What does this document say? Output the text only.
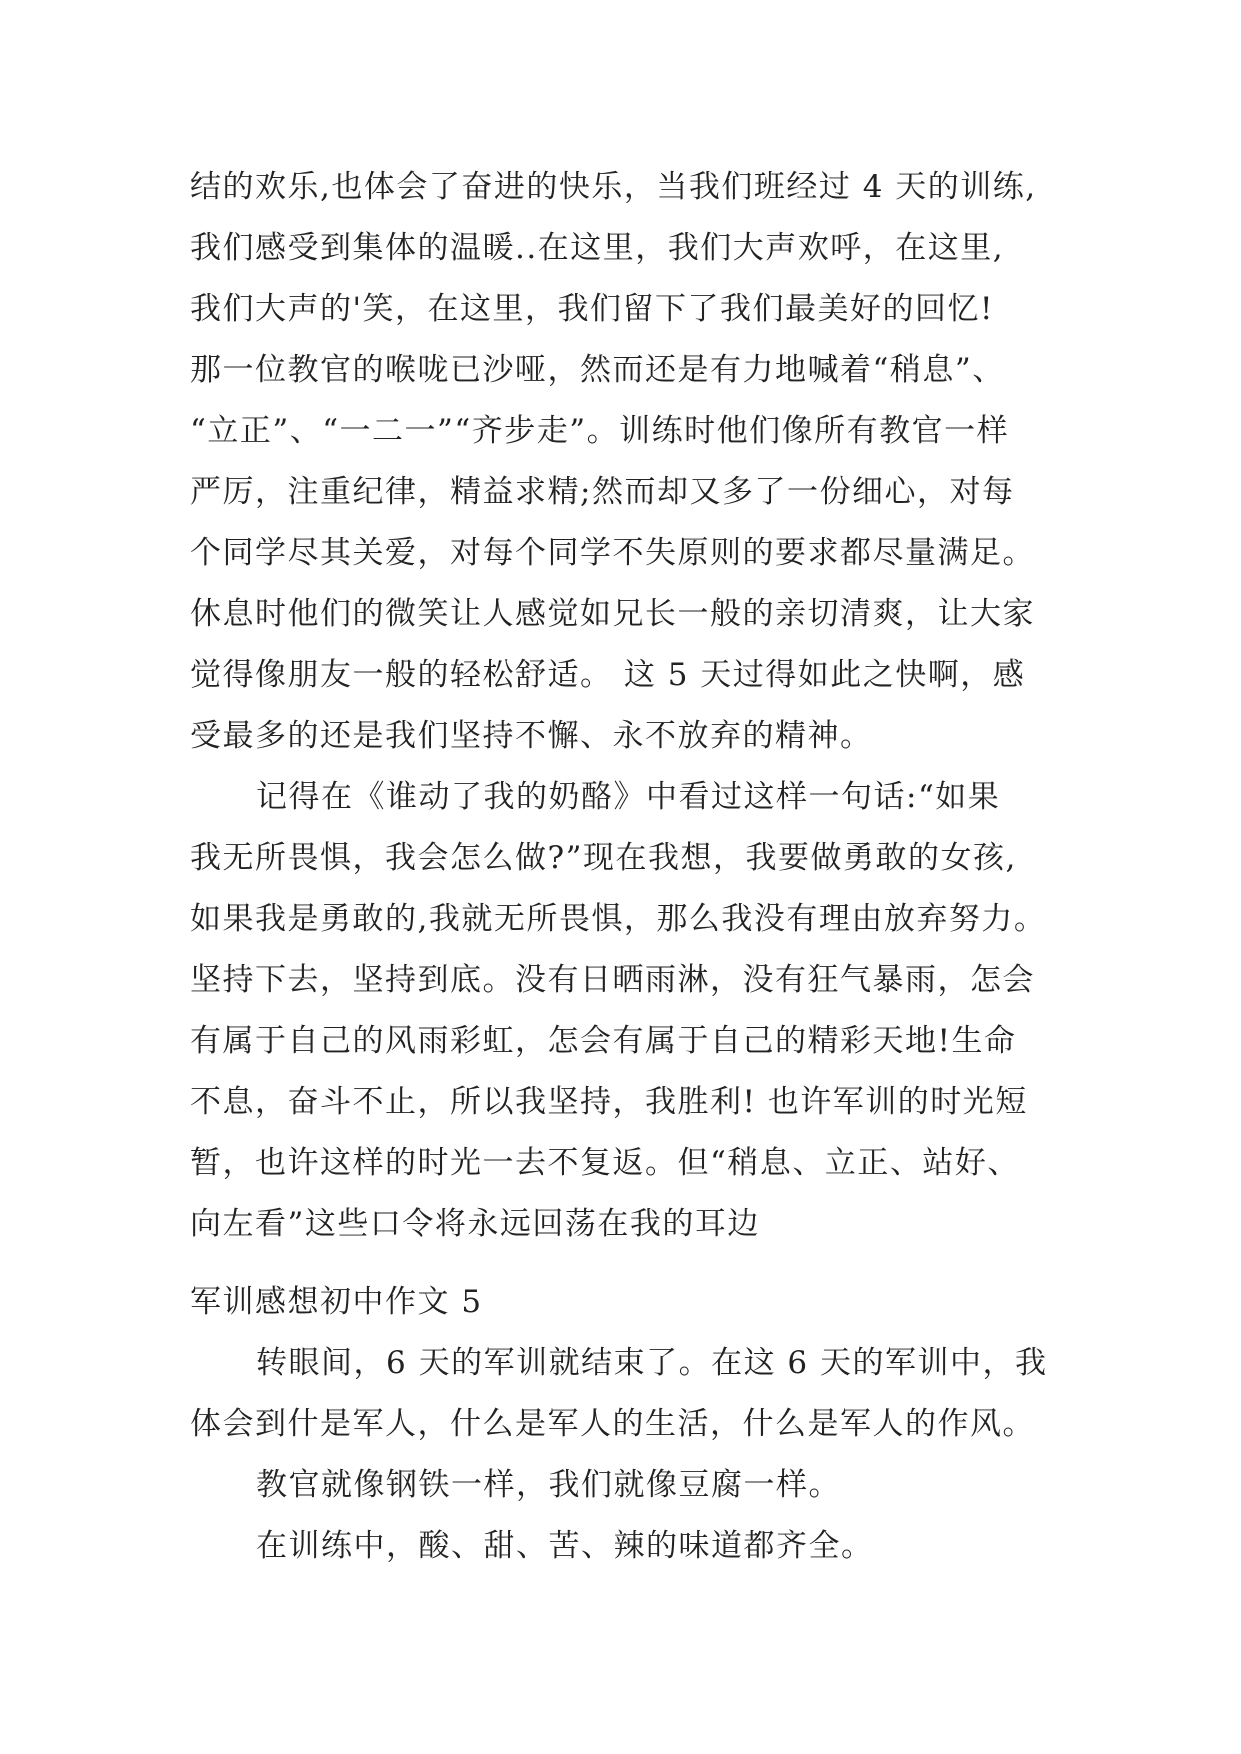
结的欢乐,也体会了奋进的快乐，当我们班经过 4 天的训练,
我们感受到集体的温暖..在这里，我们大声欢呼，在这里,
我们大声的'笑，在这里，我们留下了我们最美好的回忆!
那一位教官的喉咙已沙哑，然而还是有力地喊着“稍息”、
“立正”、“一二一”“齐步走”。训练时他们像所有教官一样
严厉，注重纪律，精益求精;然而却又多了一份细心，对每
个同学尽其关爱，对每个同学不失原则的要求都尽量满足。
休息时他们的微笑让人感觉如兄长一般的亲切清爽，让大家
觉得像朋友一般的轻松舒适。 这 5 天过得如此之快啊，感
受最多的还是我们坚持不懈、永不放弃的精神。
记得在《谁动了我的奶酪》中看过这样一句话:“如果
我无所畏惧，我会怎么做?”现在我想，我要做勇敢的女孩,
如果我是勇敢的,我就无所畏惧，那么我没有理由放弃努力。
坚持下去，坚持到底。没有日晒雨淋，没有狂气暴雨，怎会
有属于自己的风雨彩虹，怎会有属于自己的精彩天地!生命
不息，奋斗不止，所以我坚持，我胜利! 也许军训的时光短
暂，也许这样的时光一去不复返。但“稍息、立正、站好、
向左看”这些口令将永远回荡在我的耳边
军训感想初中作文 5
转眼间，6 天的军训就结束了。在这 6 天的军训中，我
体会到什是军人，什么是军人的生活，什么是军人的作风。
教官就像钢铁一样，我们就像豆腐一样。
在训练中，酸、甜、苦、辣的味道都齐全。
